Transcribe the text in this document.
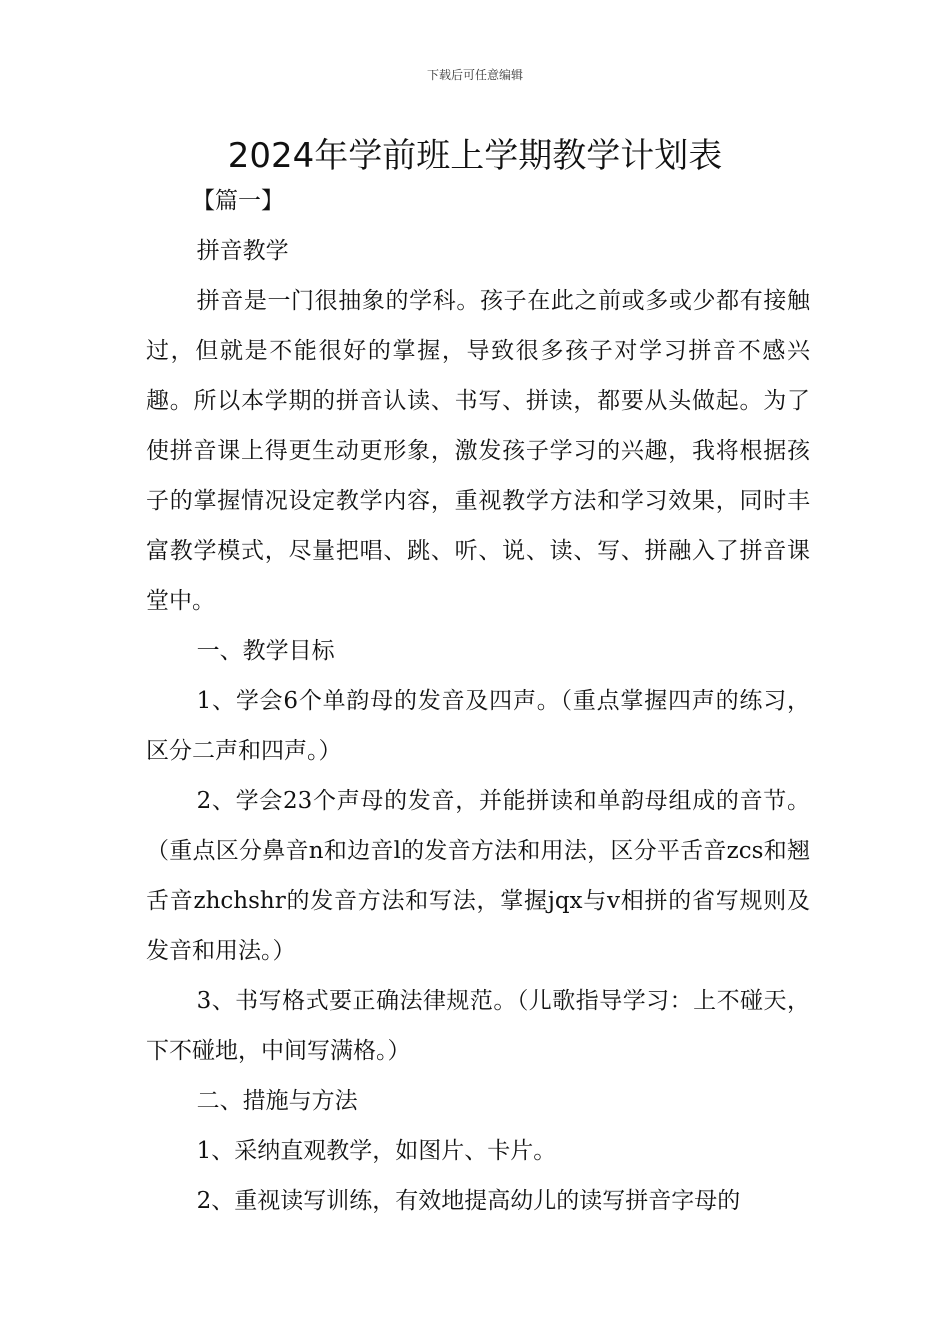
下载后可任意编辑
2024年学前班上学期教学计划表
【篇一】

拼音教学

拼音是一门很抽象的学科。孩子在此之前或多或少都有接触过，但就是不能很好的掌握，导致很多孩子对学习拼音不感兴趣。所以本学期的拼音认读、书写、拼读，都要从头做起。为了使拼音课上得更生动更形象，激发孩子学习的兴趣，我将根据孩子的掌握情况设定教学内容，重视教学方法和学习效果，同时丰富教学模式，尽量把唱、跳、听、说、读、写、拼融入了拼音课堂中。

一、教学目标

1、学会6个单韵母的发音及四声。（重点掌握四声的练习，区分二声和四声。）

2、学会23个声母的发音，并能拼读和单韵母组成的音节。（重点区分鼻音n和边音l的发音方法和用法，区分平舌音zcs和翘舌音zhchshr的发音方法和写法，掌握jqx与v相拼的省写规则及发音和用法。）

3、书写格式要正确法律规范。（儿歌指导学习：上不碰天，下不碰地，中间写满格。）

二、措施与方法

1、采纳直观教学，如图片、卡片。

2、重视读写训练，有效地提高幼儿的读写拼音字母的
